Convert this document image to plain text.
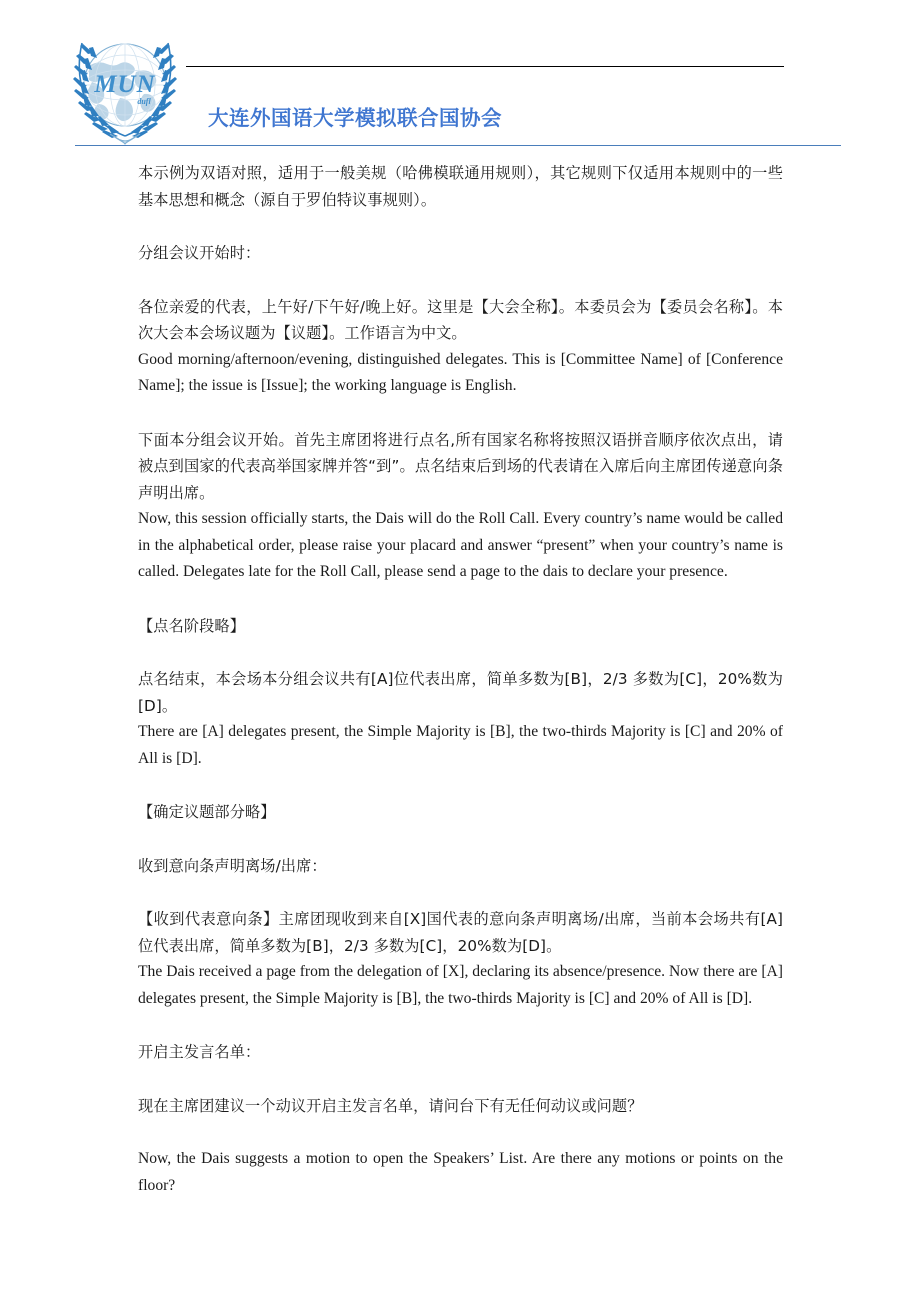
MUN
dufl
大连外国语大学模拟联合国协会

本示例为双语对照，适用于一般美规（哈佛模联通用规则），其它规则下仅适用本规则中的一些基本思想和概念（源自于罗伯特议事规则）。

分组会议开始时：

各位亲爱的代表，上午好/下午好/晚上好。这里是【大会全称】。本委员会为【委员会名称】。本次大会本会场议题为【议题】。工作语言为中文。

Good morning/afternoon/evening, distinguished delegates. This is [Committee Name] of [Conference Name]; the issue is [Issue]; the working language is English.

下面本分组会议开始。首先主席团将进行点名,所有国家名称将按照汉语拼音顺序依次点出，请被点到国家的代表高举国家牌并答“到”。点名结束后到场的代表请在入席后向主席团传递意向条声明出席。

Now, this session officially starts, the Dais will do the Roll Call. Every country’s name would be called in the alphabetical order, please raise your placard and answer “present” when your country’s name is called. Delegates late for the Roll Call, please send a page to the dais to declare your presence.

【点名阶段略】

点名结束，本会场本分组会议共有[A]位代表出席，简单多数为[B]，2/3 多数为[C]，20%数为[D]。

There are [A] delegates present, the Simple Majority is [B], the two-thirds Majority is [C] and 20% of All is [D].

【确定议题部分略】

收到意向条声明离场/出席：

【收到代表意向条】主席团现收到来自[X]国代表的意向条声明离场/出席，当前本会场共有[A]位代表出席，简单多数为[B]，2/3 多数为[C]，20%数为[D]。

The Dais received a page from the delegation of [X], declaring its absence/presence. Now there are [A] delegates present, the Simple Majority is [B], the two-thirds Majority is [C] and 20% of All is [D].

开启主发言名单：

现在主席团建议一个动议开启主发言名单，请问台下有无任何动议或问题？

Now, the Dais suggests a motion to open the Speakers’ List. Are there any motions or points on the floor?
